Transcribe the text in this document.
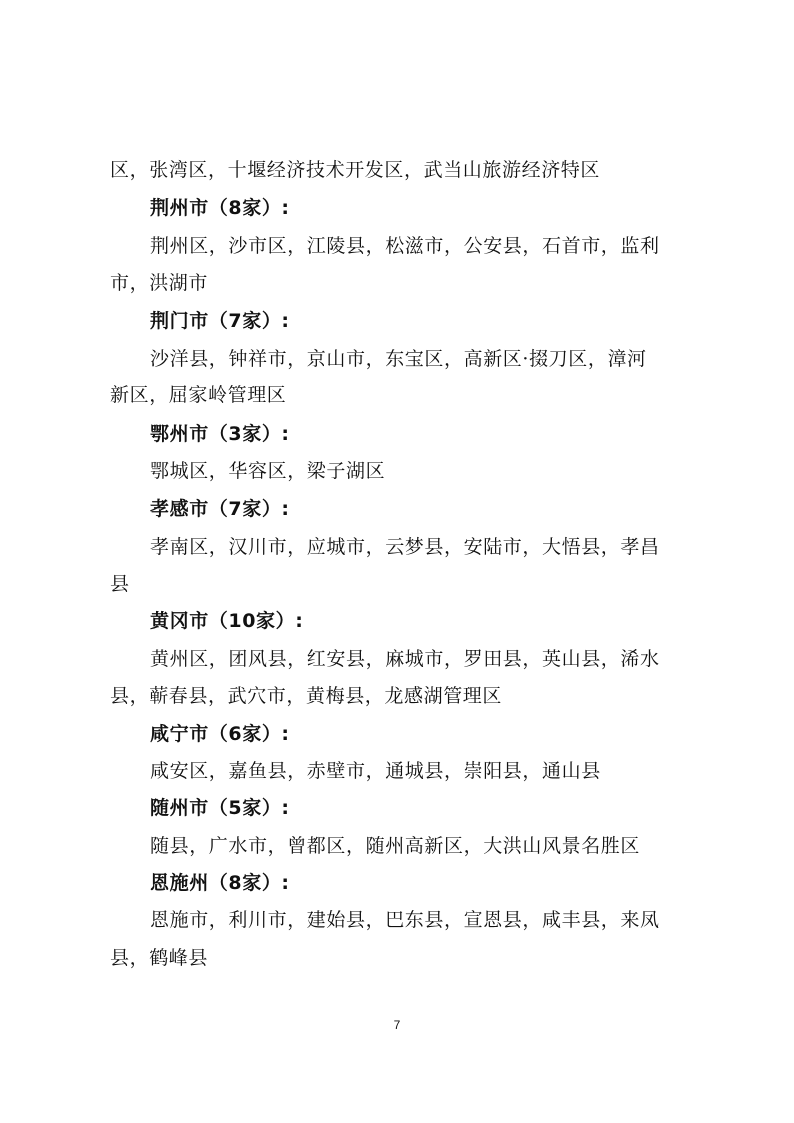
区，张湾区，十堰经济技术开发区，武当山旅游经济特区
荆州市（8家）:
荆州区，沙市区，江陵县，松滋市，公安县，石首市，监利
市，洪湖市
荆门市（7家）:
沙洋县，钟祥市，京山市，东宝区，高新区·掇刀区，漳河
新区，屈家岭管理区
鄂州市（3家）:
鄂城区，华容区，梁子湖区
孝感市（7家）:
孝南区，汉川市，应城市，云梦县，安陆市，大悟县，孝昌
县
黄冈市（10家）:
黄州区，团风县，红安县，麻城市，罗田县，英山县，浠水
县，蕲春县，武穴市，黄梅县，龙感湖管理区
咸宁市（6家）:
咸安区，嘉鱼县，赤壁市，通城县，崇阳县，通山县
随州市（5家）:
随县，广水市，曾都区，随州高新区，大洪山风景名胜区
恩施州（8家）:
恩施市，利川市，建始县，巴东县，宣恩县，咸丰县，来凤
县，鹤峰县
7
